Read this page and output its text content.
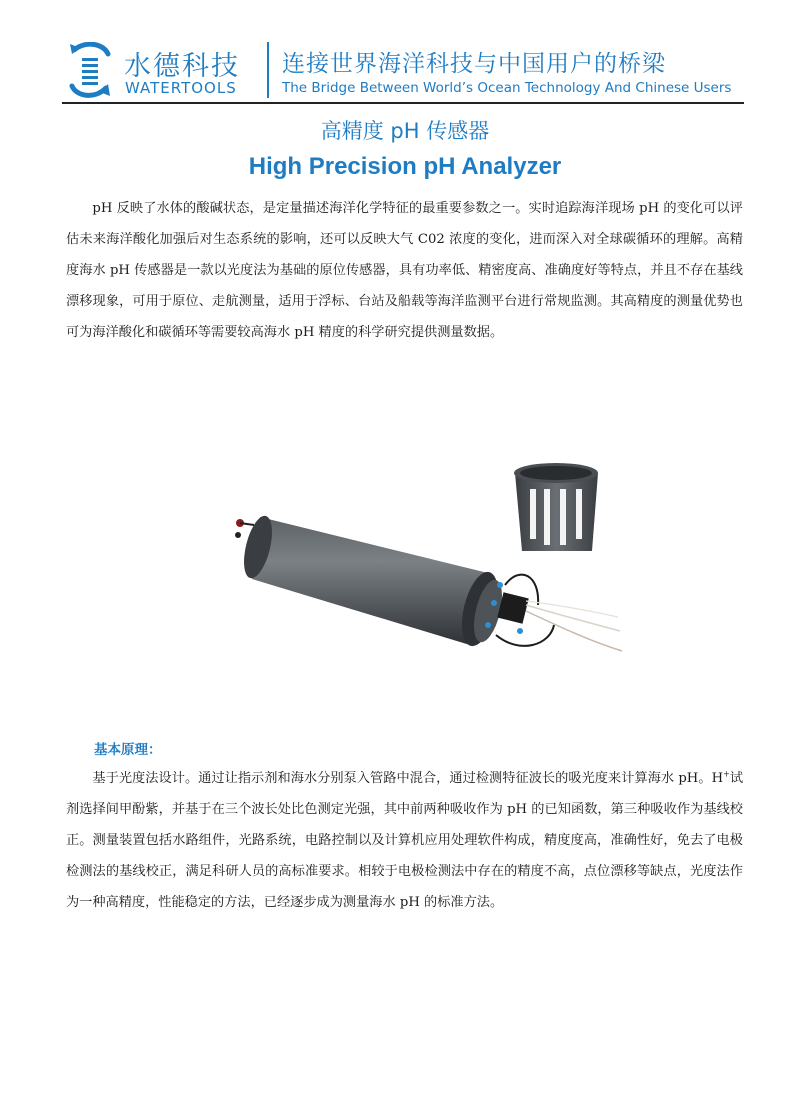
水德科技
WATERTOOLS
连接世界海洋科技与中国用户的桥梁
The Bridge Between World’s Ocean Technology And Chinese Users
高精度 pH 传感器
High Precision pH Analyzer

pH 反映了水体的酸碱状态，是定量描述海洋化学特征的最重要参数之一。实时追踪海洋现场 pH 的变化可以评估未来海洋酸化加强后对生态系统的影响，还可以反映大气 C02 浓度的变化，进而深入对全球碳循环的理解。高精度海水 pH 传感器是一款以光度法为基础的原位传感器，具有功率低、精密度高、准确度好等特点，并且不存在基线漂移现象，可用于原位、走航测量，适用于浮标、台站及船载等海洋监测平台进行常规监测。其高精度的测量优势也可为海洋酸化和碳循环等需要较高海水 pH 精度的科学研究提供测量数据。

基本原理：

基于光度法设计。通过让指示剂和海水分别泵入管路中混合，通过检测特征波长的吸光度来计算海水 pH。H+试剂选择间甲酚紫，并基于在三个波长处比色测定光强，其中前两种吸收作为 pH 的已知函数，第三种吸收作为基线校正。测量装置包括水路组件，光路系统，电路控制以及计算机应用处理软件构成，精度度高，准确性好，免去了电极检测法的基线校正，满足科研人员的高标准要求。相较于电极检测法中存在的精度不高，点位漂移等缺点，光度法作为一种高精度，性能稳定的方法，已经逐步成为测量海水 pH 的标准方法。
